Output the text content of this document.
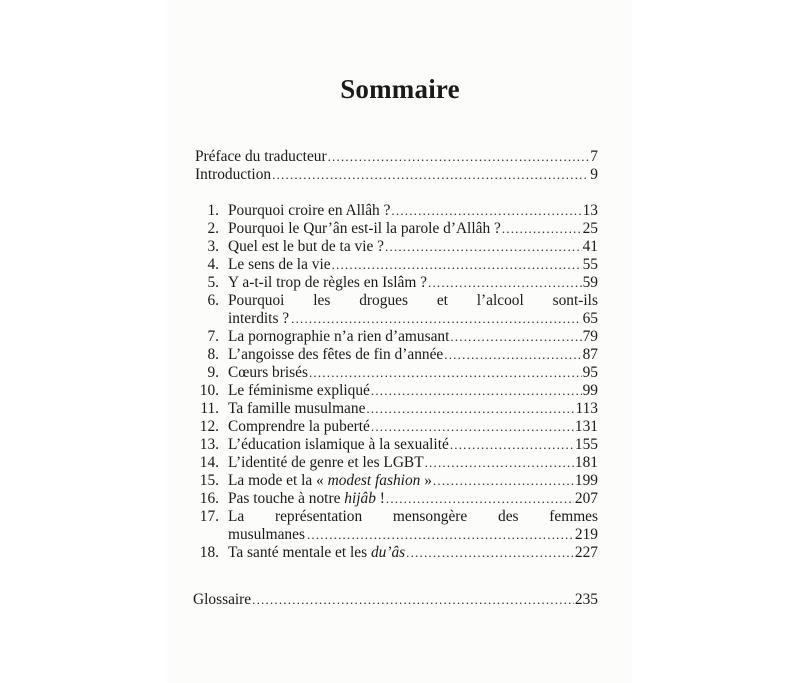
Sommaire
Préface du traducteur .....	7
Introduction .....	9
1. Pourquoi croire en Allâh ? .....	13
2. Pourquoi le Qur’ân est-il la parole d’Allâh ? .....	25
3. Quel est le but de ta vie ? .....	41
4. Le sens de la vie .....	55
5. Y a-t-il trop de règles en Islâm ? .....	59
6. Pourquoi les drogues et l’alcool sont-ils
interdits ? .....	65
7. La pornographie n’a rien d’amusant .....	79
8. L’angoisse des fêtes de fin d’année .....	87
9. Cœurs brisés .....	95
10. Le féminisme expliqué .....	99
11. Ta famille musulmane .....	113
12. Comprendre la puberté .....	131
13. L’éducation islamique à la sexualité .....	155
14. L’identité de genre et les LGBT .....	181
15. La mode et la « modest fashion » .....	199
16. Pas touche à notre hijâb ! .....	207
17. La représentation mensongère des femmes
musulmanes .....	219
18. Ta santé mentale et les du’âs .....	227
Glossaire .....	235
